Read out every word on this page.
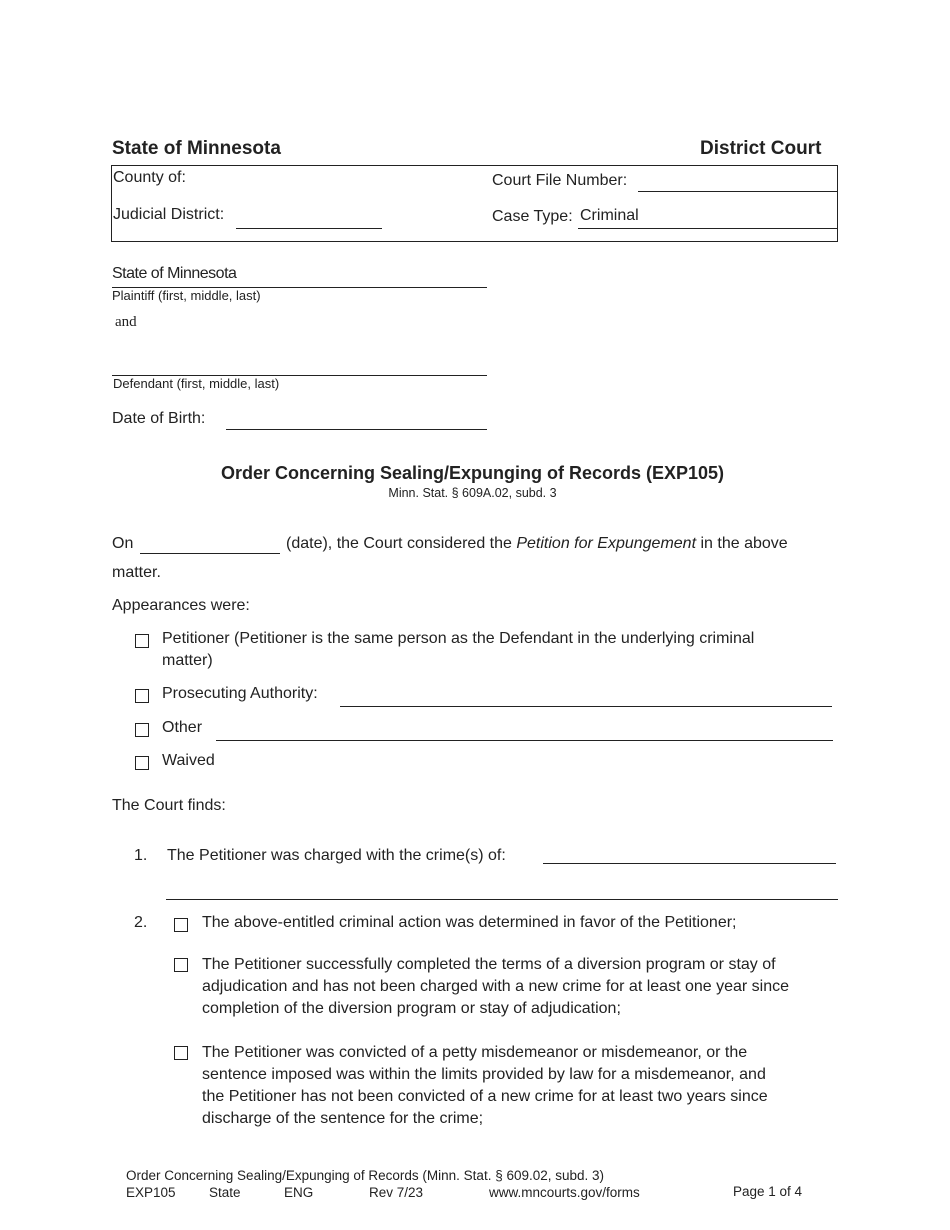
State of Minnesota	District Court
County of:
Judicial District:
Court File Number:
Case Type: Criminal
State of Minnesota
Plaintiff (first, middle, last)
and
Defendant (first, middle, last)
Date of Birth:
Order Concerning Sealing/Expunging of Records (EXP105)
Minn. Stat. § 609A.02, subd. 3
On	(date), the Court considered the Petition for Expungement in the above
matter.
Appearances were:
Petitioner (Petitioner is the same person as the Defendant in the underlying criminal
matter)
Prosecuting Authority:
Other
Waived
The Court finds:
1. The Petitioner was charged with the crime(s) of:
2.	The above-entitled criminal action was determined in favor of the Petitioner;
The Petitioner successfully completed the terms of a diversion program or stay of
adjudication and has not been charged with a new crime for at least one year since
completion of the diversion program or stay of adjudication;
The Petitioner was convicted of a petty misdemeanor or misdemeanor, or the
sentence imposed was within the limits provided by law for a misdemeanor, and
the Petitioner has not been convicted of a new crime for at least two years since
discharge of the sentence for the crime;
Order Concerning Sealing/Expunging of Records (Minn. Stat. § 609.02, subd. 3)
EXP105 State	ENG	Rev 7/23	www.mncourts.gov/forms	Page 1 of 4
